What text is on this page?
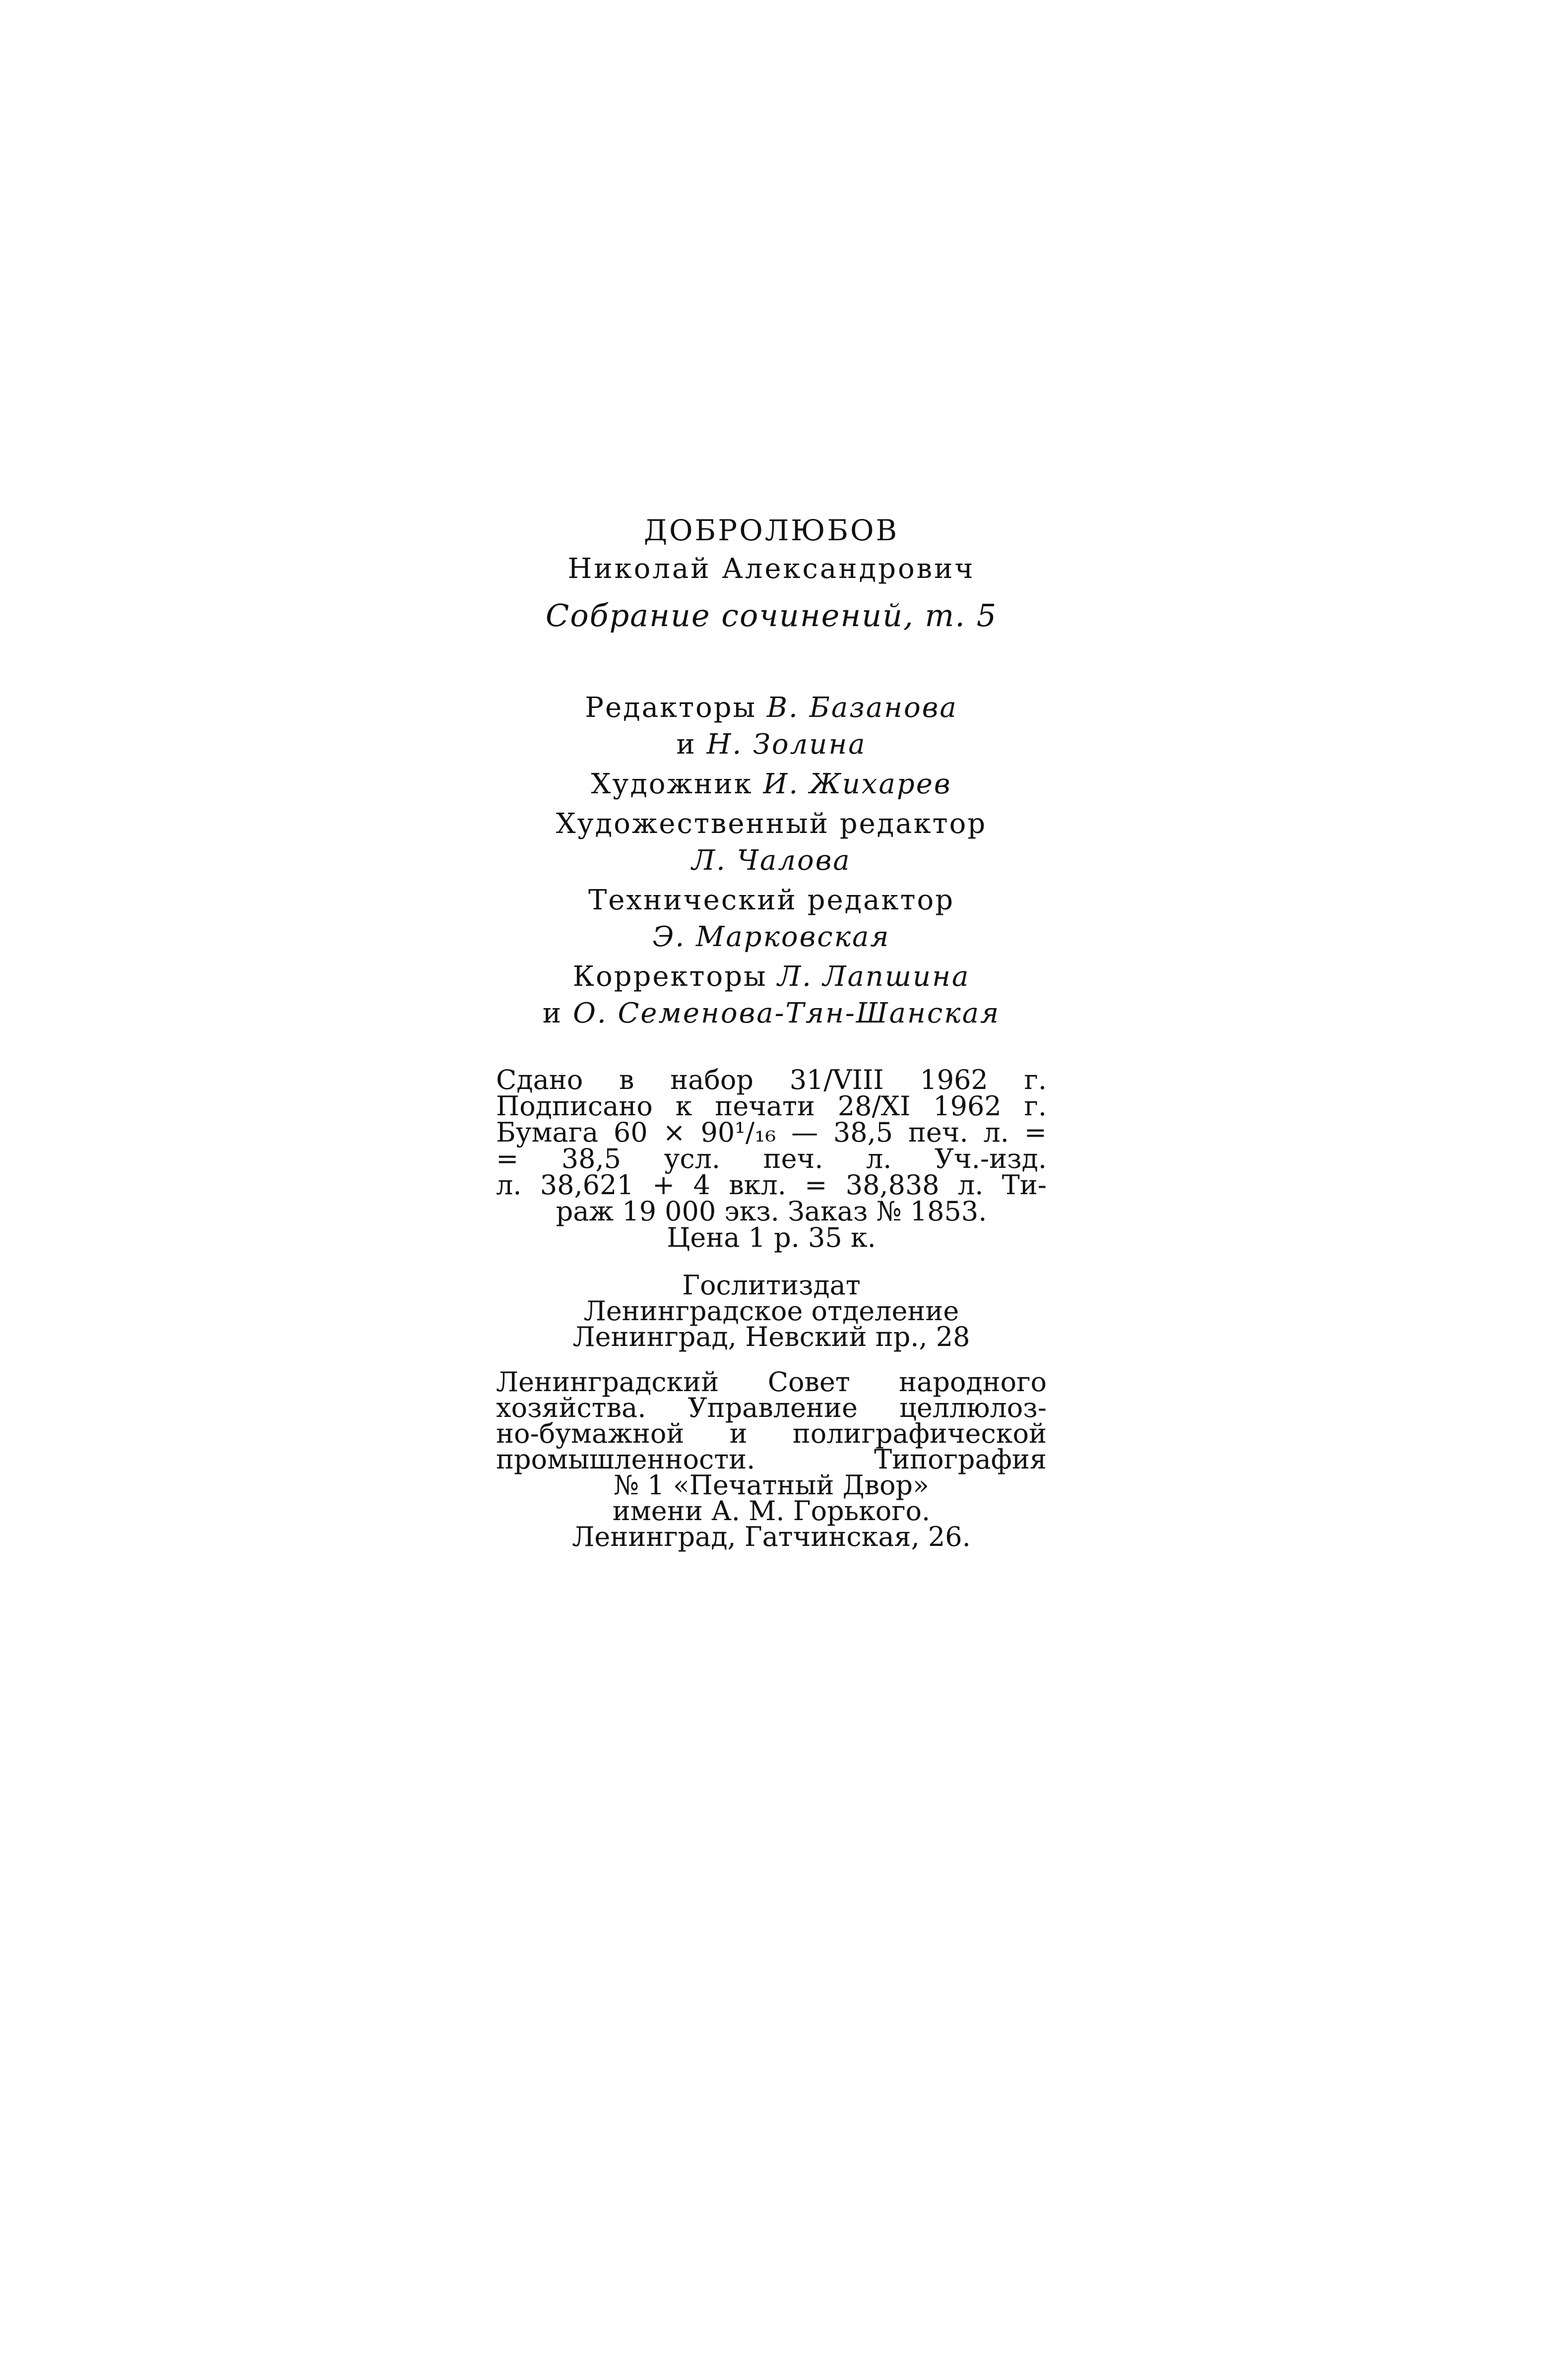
ДОБРОЛЮБОВ
Николай Александрович
Собрание сочинений, т. 5
Редакторы В. Базанова
и Н. Золина
Художник И. Жихарев
Художественный редактор
Л. Чалова
Технический редактор
Э. Марковская
Корректоры Л. Лапшина
и О. Семенова-Тян-Шанская
Сдано в набор 31/VIII 1962 г.
Подписано к печати 28/XI 1962 г.
Бумага 60 × 90¹/₁₆ — 38,5 печ. л. =
= 38,5 усл. печ. л. Уч.-изд.
л. 38,621 + 4 вкл. = 38,838 л. Ти-
раж 19 000 экз. Заказ № 1853.
Цена 1 р. 35 к.
Гослитиздат
Ленинградское отделение
Ленинград, Невский пр., 28
Ленинградский Совет народного
хозяйства. Управление целлюлоз-
но-бумажной и полиграфической
промышленности. Типография
№ 1 «Печатный Двор»
имени А. М. Горького.
Ленинград, Гатчинская, 26.
